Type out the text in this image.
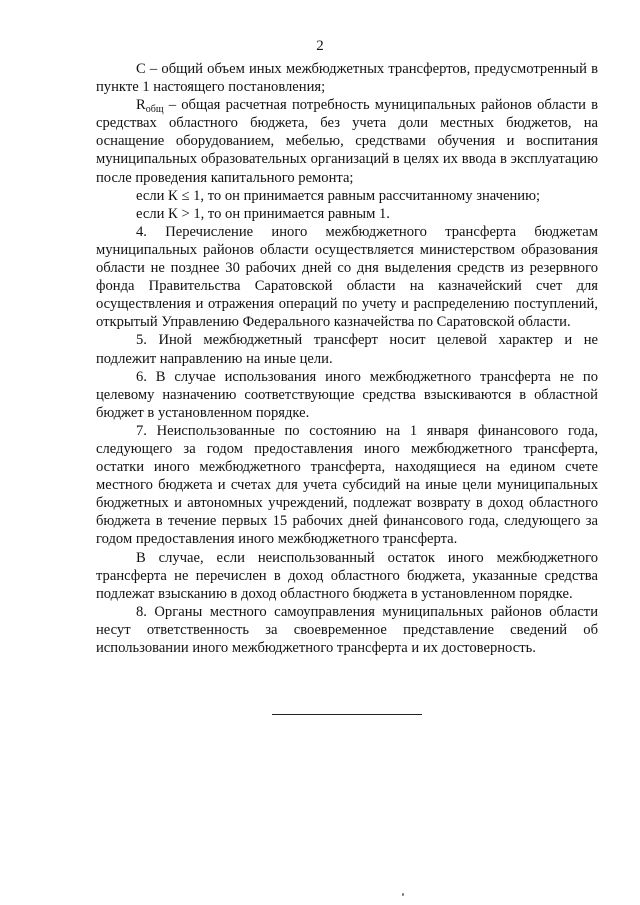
2

С – общий объем иных межбюджетных трансфертов, предусмотренный в пункте 1 настоящего постановления;

$R_{общ}$ – общая расчетная потребность муниципальных районов области в средствах областного бюджета, без учета доли местных бюджетов, на оснащение оборудованием, мебелью, средствами обучения и воспитания муниципальных образовательных организаций в целях их ввода в эксплуатацию после проведения капитального ремонта;

если К ≤ 1, то он принимается равным рассчитанному значению;

если К > 1, то он принимается равным 1.

4. Перечисление иного межбюджетного трансферта бюджетам муниципальных районов области осуществляется министерством образования области не позднее 30 рабочих дней со дня выделения средств из резервного фонда Правительства Саратовской области на казначейский счет для осуществления и отражения операций по учету и распределению поступлений, открытый Управлению Федерального казначейства по Саратовской области.

5. Иной межбюджетный трансферт носит целевой характер и не подлежит направлению на иные цели.

6. В случае использования иного межбюджетного трансферта не по целевому назначению соответствующие средства взыскиваются в областной бюджет в установленном порядке.

7. Неиспользованные по состоянию на 1 января финансового года, следующего за годом предоставления иного межбюджетного трансферта, остатки иного межбюджетного трансферта, находящиеся на едином счете местного бюджета и счетах для учета субсидий на иные цели муниципальных бюджетных и автономных учреждений, подлежат возврату в доход областного бюджета в течение первых 15 рабочих дней финансового года, следующего за годом предоставления иного межбюджетного трансферта.

В случае, если неиспользованный остаток иного межбюджетного трансферта не перечислен в доход областного бюджета, указанные средства подлежат взысканию в доход областного бюджета в установленном порядке.

8. Органы местного самоуправления муниципальных районов области несут ответственность за своевременное представление сведений об использовании иного межбюджетного трансферта и их достоверность.
